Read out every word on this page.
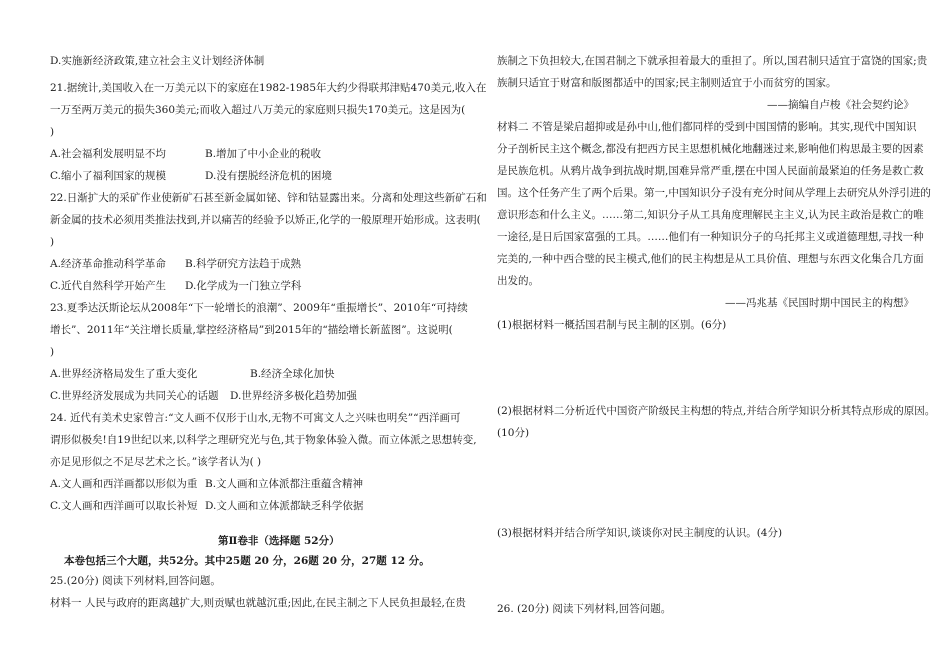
D.实施新经济政策,建立社会主义计划经济体制
21.据统计,美国收入在一万美元以下的家庭在1982-1985年大约少得联邦津贴470美元,收入在
一万至两万美元的损失360美元;而收入超过八万美元的家庭则只损失170美元。这是因为(
)
A.社会福利发展明显不均	B.增加了中小企业的税收
C.缩小了福利国家的规模	D.没有摆脱经济危机的困境
22.日渐扩大的采矿作业使新矿石甚至新金属如铋、锌和钴显露出来。分离和处理这些新矿石和
新金属的技术必须用类推法找到,并以痛苦的经验予以矫正,化学的一般原理开始形成。这表明(
)
A.经济革命推动科学革命 B.科学研究方法趋于成熟
C.近代自然科学开始产生 D.化学成为一门独立学科
23.夏季达沃斯论坛从2008年“下一轮增长的浪潮”、2009年“重振增长”、2010年“可持续
增长”、2011年“关注增长质量,掌控经济格局”到2015年的“描绘增长新蓝图”。这说明(
)
A.世界经济格局发生了重大变化	B.经济全球化加快
C.世界经济发展成为共同关心的话题 D.世界经济多极化趋势加强
24. 近代有美术史家曾言:“文人画不仅形于山水,无物不可寓文人之兴味也明矣”“西洋画可
谓形似极矣!自19世纪以来,以科学之理研究光与色,其于物象体验入微。而立体派之思想转变,
亦足见形似之不足尽艺术之长。”该学者认为( )
A.文人画和西洋画都以形似为重 B.文人画和立体派都注重蕴含精神
C.文人画和西洋画可以取长补短 D.文人画和立体派都缺乏科学依据
第Ⅱ卷非（选择题 52分）
本卷包括三个大题，共52分。其中25题 20 分，26题 20 分，27题 12 分。
25.(20分) 阅读下列材料,回答问题。
材料一 人民与政府的距离越扩大,则贡赋也就越沉重;因此,在民主制之下人民负担最轻,在贵
族制之下负担较大,在国君制之下就承担着最大的重担了。所以,国君制只适宜于富饶的国家;贵
族制只适宜于财富和版图都适中的国家;民主制则适宜于小而贫穷的国家。
——摘编自卢梭《社会契约论》
材料二 不管是梁启超抑或是孙中山,他们都同样的受到中国国情的影响。其实,现代中国知识
分子剖析民主这个概念,都没有把西方民主思想机械化地翻迷过来,影响他们构思最主要的因素
是民族危机。从鸦片战争到抗战时期,国难异常严重,摆在中国人民面前最紧迫的任务是救亡救
国。这个任务产生了两个后果。第一,中国知识分子没有充分时间从学理上去研究从外浮引进的
意识形态和什么主义。……第二,知识分子从工具角度理解民主主义,认为民主政治是救亡的唯
一途径,是日后国家富强的工具。……他们有一种知识分子的乌托邦主义或道德理想,寻找一种
完美的,一种中西合璧的民主模式,他们的民主构想是从工具价值、理想与东西文化集合几方面
出发的。
——冯兆基《民国时期中国民主的构想》
(1)根据材料一概括国君制与民主制的区别。(6分)
(2)根据材料二分析近代中国资产阶级民主构想的特点,并结合所学知识分析其特点形成的原因。
(10分)
(3)根据材料并结合所学知识,谈谈你对民主制度的认识。(4分)
26. (20分) 阅读下列材料,回答问题。
